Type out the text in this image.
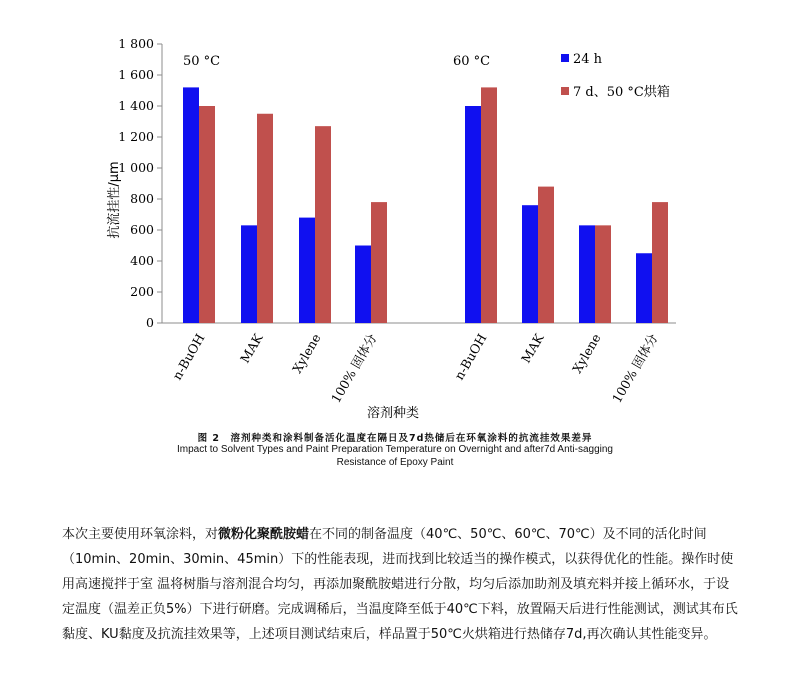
0
200
400
600
800
1 000
1 200
1 400
1 600
1 800
n-BuOH MAK Xylene 100% 固体分	n-BuOH MAK Xylene 100% 固体分
50 °C	60 °C	24 h
7 d、50 °C烘箱
抗流挂性/μm
溶剂种类
图 2　溶剂种类和涂料制备活化温度在隔日及7d热储后在环氧涂料的抗流挂效果差异
Impact to Solvent Types and Paint Preparation Temperature on Overnight and after7d Anti-sagging
Resistance of Epoxy Paint
本次主要使用环氧涂料，对微粉化聚酰胺蜡在不同的制备温度（40℃、50℃、60℃、70℃）及不同的活化时间（10min、20min、30min、45min）下的性能表现，进而找到比较适当的操作模式，以获得优化的性能。操作时使用高速搅拌于室 温将树脂与溶剂混合均匀，再添加聚酰胺蜡进行分散，均匀后添加助剂及填充料并接上循环水，于设定温度（温差正负5%）下进行研磨。完成调稀后，当温度降至低于40℃下料，放置隔天后进行性能测试，测试其布氏黏度、KU黏度及抗流挂效果等，上述项目测试结束后，样品置于50℃火烘箱进行热储存7d,再次确认其性能变异。
